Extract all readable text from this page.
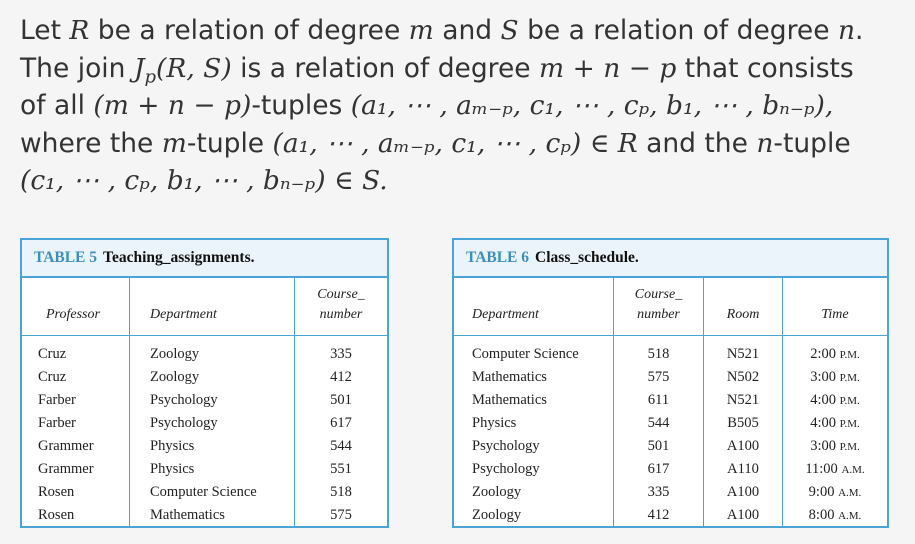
Let R be a relation of degree m and S be a relation of degree n.
The join $J_p(R$, S) is a relation of degree m + n − p that consists
of all (m + n − p)-tuples (a₁, ⋯ , aₘ₋ₚ, c₁, ⋯ , cₚ, b₁, ⋯ , bₙ₋ₚ),
where the m-tuple (a₁, ⋯ , aₘ₋ₚ, c₁, ⋯ , cₚ) ∈ R and the n-tuple
(c₁, ⋯ , cₚ, b₁, ⋯ , bₙ₋ₚ) ∈ S.
TABLE 5 Teaching_assignments.
Professor
Cruz
Cruz
Farber
Farber
Grammer
Grammer
Rosen
Rosen
Department
Zoology
Zoology
Psychology
Psychology
Physics
Physics
Computer Science
Mathematics
Course_
number
335
412
501
617
544
551
518
575
TABLE 6 Class_schedule.
Department
Computer Science
Mathematics
Mathematics
Physics
Psychology
Psychology
Zoology
Zoology
Course_
number
518
575
611
544
501
617
335
412
Room
N521
N502
N521
B505
A100
A110
A100
A100
Time
2:00 P.M.
3:00 P.M.
4:00 P.M.
4:00 P.M.
3:00 P.M.
11:00 A.M.
9:00 A.M.
8:00 A.M.
